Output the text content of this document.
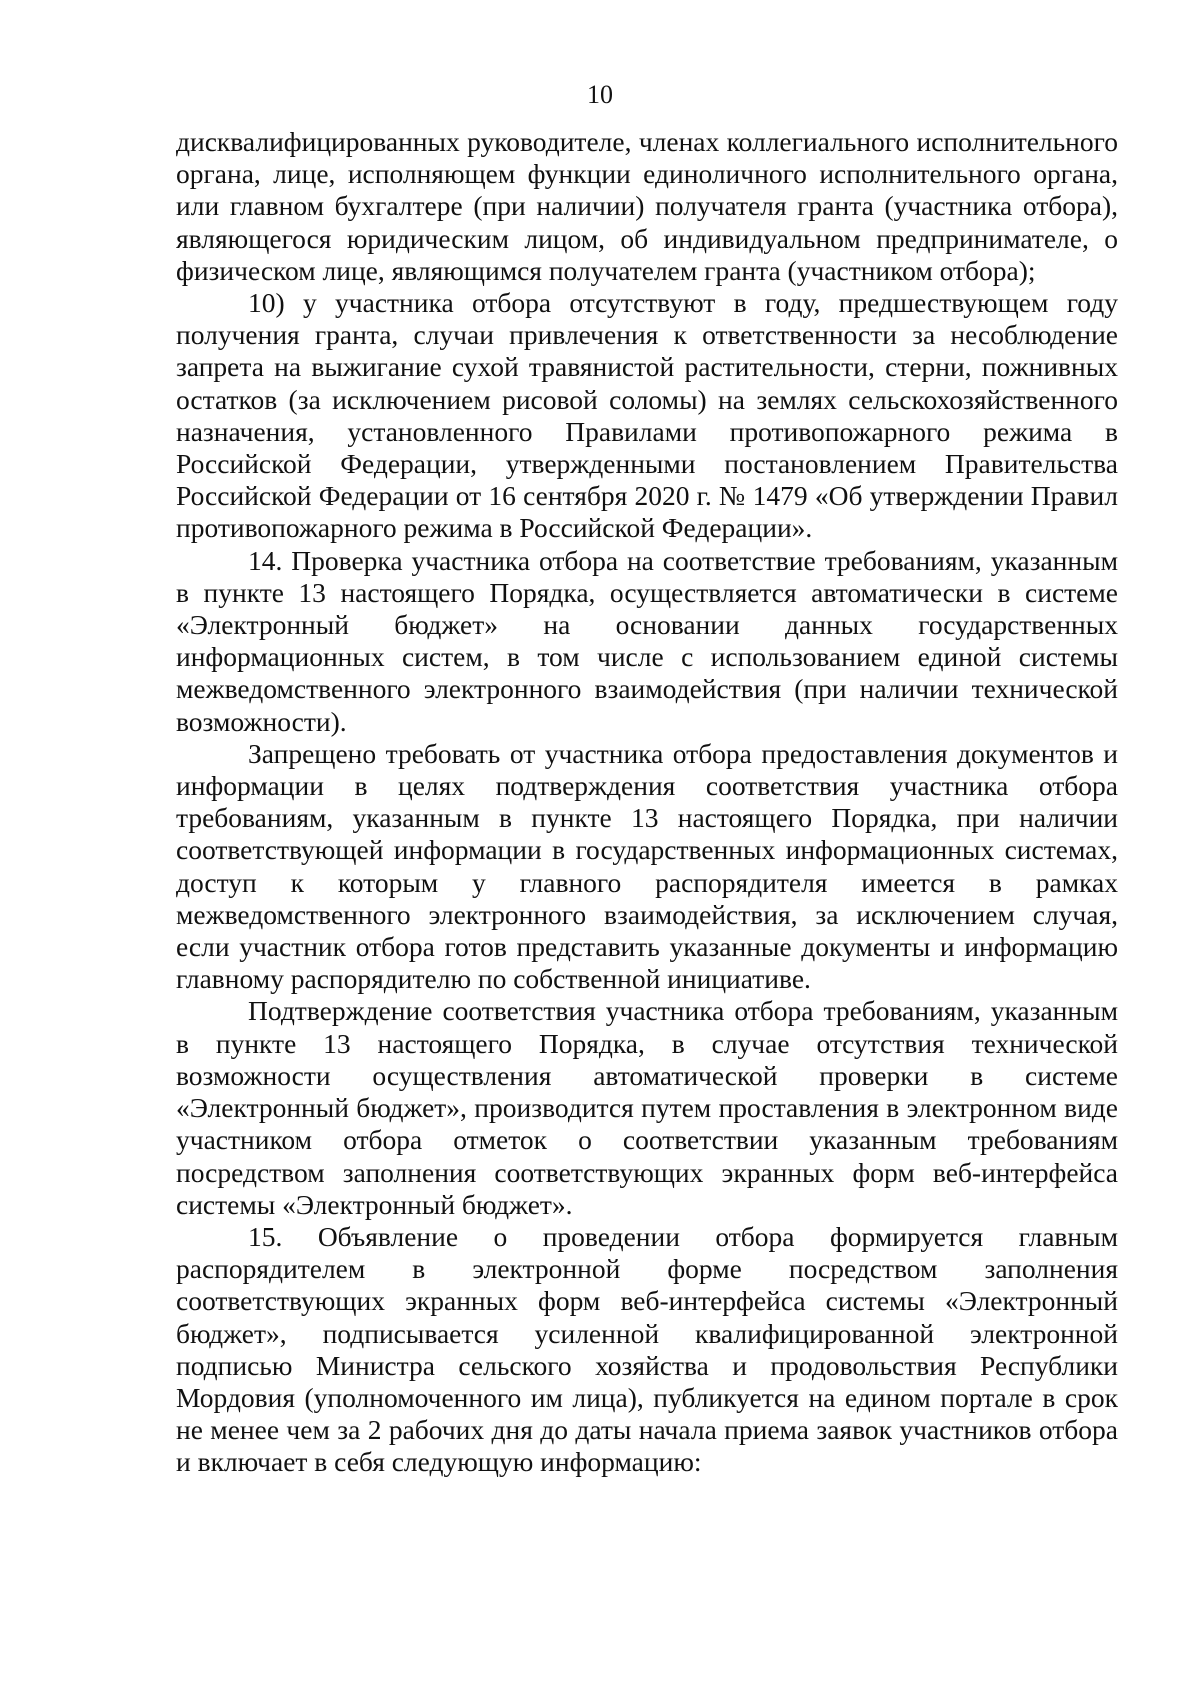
10

дисквалифицированных руководителе, членах коллегиального исполнительного органа, лице, исполняющем функции единоличного исполнительного органа, или главном бухгалтере (при наличии) получателя гранта (участника отбора), являющегося юридическим лицом, об индивидуальном предпринимателе, о физическом лице, являющимся получателем гранта (участником отбора);

10) у участника отбора отсутствуют в году, предшествующем году получения гранта, случаи привлечения к ответственности за несоблюдение запрета на выжигание сухой травянистой растительности, стерни, пожнивных остатков (за исключением рисовой соломы) на землях сельскохозяйственного назначения, установленного Правилами противопожарного режима в Российской Федерации, утвержденными постановлением Правительства Российской Федерации от 16 сентября 2020 г. № 1479 «Об утверждении Правил противопожарного режима в Российской Федерации».

14. Проверка участника отбора на соответствие требованиям, указанным в пункте 13 настоящего Порядка, осуществляется автоматически в системе «Электронный бюджет» на основании данных государственных информационных систем, в том числе с использованием единой системы межведомственного электронного взаимодействия (при наличии технической возможности).

Запрещено требовать от участника отбора предоставления документов и информации в целях подтверждения соответствия участника отбора требованиям, указанным в пункте 13 настоящего Порядка, при наличии соответствующей информации в государственных информационных системах, доступ к которым у главного распорядителя имеется в рамках межведомственного электронного взаимодействия, за исключением случая, если участник отбора готов представить указанные документы и информацию главному распорядителю по собственной инициативе.

Подтверждение соответствия участника отбора требованиям, указанным в пункте 13 настоящего Порядка, в случае отсутствия технической возможности осуществления автоматической проверки в системе «Электронный бюджет», производится путем проставления в электронном виде участником отбора отметок о соответствии указанным требованиям посредством заполнения соответствующих экранных форм веб-интерфейса системы «Электронный бюджет».

15. Объявление о проведении отбора формируется главным распорядителем в электронной форме посредством заполнения соответствующих экранных форм веб-интерфейса системы «Электронный бюджет», подписывается усиленной квалифицированной электронной подписью Министра сельского хозяйства и продовольствия Республики Мордовия (уполномоченного им лица), публикуется на едином портале в срок не менее чем за 2 рабочих дня до даты начала приема заявок участников отбора и включает в себя следующую информацию:
